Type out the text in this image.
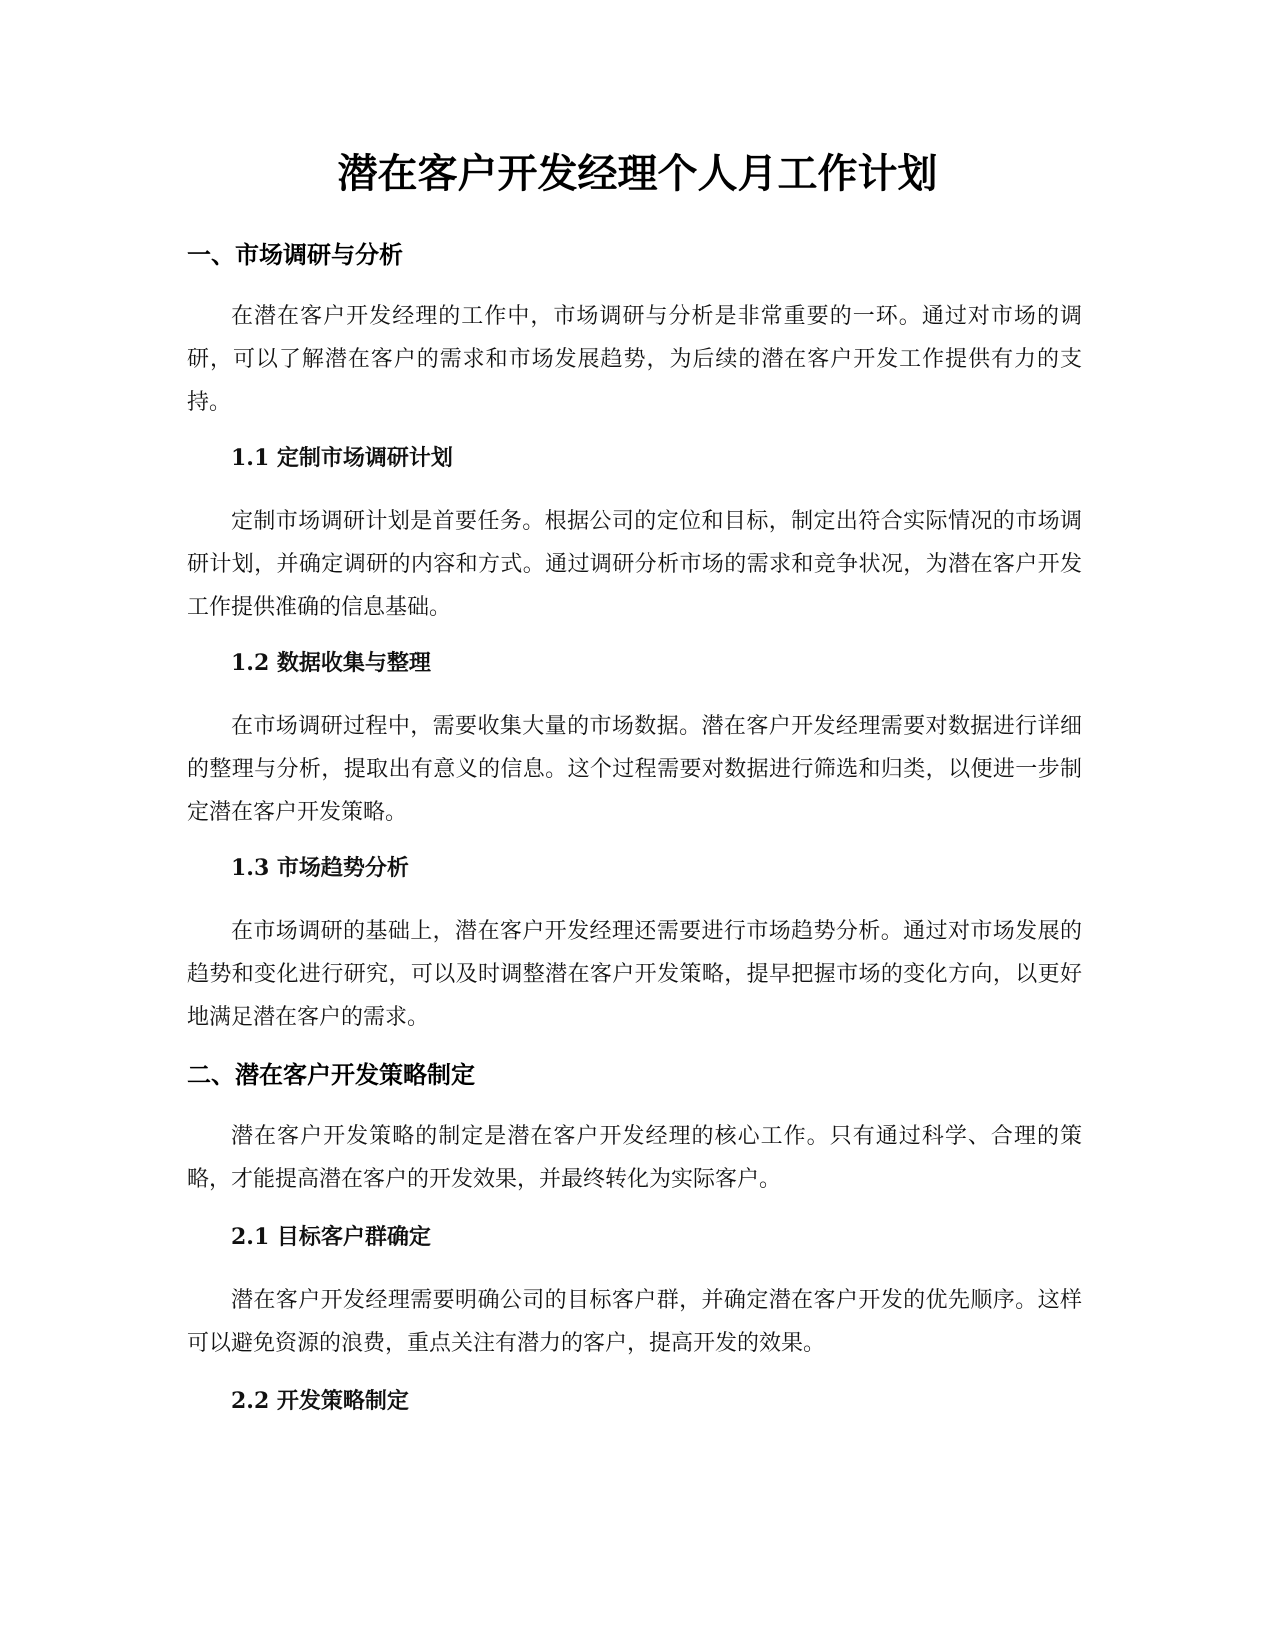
潜在客户开发经理个人月工作计划
一、市场调研与分析

在潜在客户开发经理的工作中，市场调研与分析是非常重要的一环。通过对市场的调研，可以了解潜在客户的需求和市场发展趋势，为后续的潜在客户开发工作提供有力的支持。

1.1 定制市场调研计划

定制市场调研计划是首要任务。根据公司的定位和目标，制定出符合实际情况的市场调研计划，并确定调研的内容和方式。通过调研分析市场的需求和竞争状况，为潜在客户开发工作提供准确的信息基础。

1.2 数据收集与整理

在市场调研过程中，需要收集大量的市场数据。潜在客户开发经理需要对数据进行详细的整理与分析，提取出有意义的信息。这个过程需要对数据进行筛选和归类，以便进一步制定潜在客户开发策略。

1.3 市场趋势分析

在市场调研的基础上，潜在客户开发经理还需要进行市场趋势分析。通过对市场发展的趋势和变化进行研究，可以及时调整潜在客户开发策略，提早把握市场的变化方向，以更好地满足潜在客户的需求。

二、潜在客户开发策略制定

潜在客户开发策略的制定是潜在客户开发经理的核心工作。只有通过科学、合理的策略，才能提高潜在客户的开发效果，并最终转化为实际客户。

2.1 目标客户群确定

潜在客户开发经理需要明确公司的目标客户群，并确定潜在客户开发的优先顺序。这样可以避免资源的浪费，重点关注有潜力的客户，提高开发的效果。

2.2 开发策略制定
